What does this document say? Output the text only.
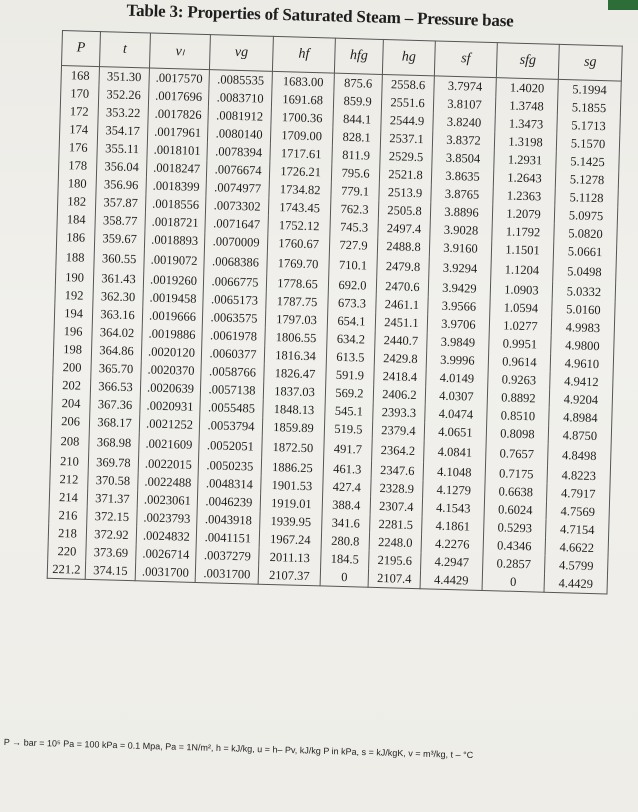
Table 3: Properties of Saturated Steam – Pressure base
P	t	vₗ	vg	hf	hfg	hg	sf	sfg	sg
168	351.30	.0017570	.0085535	1683.00	875.6	2558.6	3.7974	1.4020	5.1994
170	352.26	.0017696	.0083710	1691.68	859.9	2551.6	3.8107	1.3748	5.1855
172	353.22	.0017826	.0081912	1700.36	844.1	2544.9	3.8240	1.3473	5.1713
174	354.17	.0017961	.0080140	1709.00	828.1	2537.1	3.8372	1.3198	5.1570
176	355.11	.0018101	.0078394	1717.61	811.9	2529.5	3.8504	1.2931	5.1425
178	356.04	.0018247	.0076674	1726.21	795.6	2521.8	3.8635	1.2643	5.1278
180	356.96	.0018399	.0074977	1734.82	779.1	2513.9	3.8765	1.2363	5.1128
182	357.87	.0018556	.0073302	1743.45	762.3	2505.8	3.8896	1.2079	5.0975
184	358.77	.0018721	.0071647	1752.12	745.3	2497.4	3.9028	1.1792	5.0820
186	359.67	.0018893	.0070009	1760.67	727.9	2488.8	3.9160	1.1501	5.0661
188	360.55	.0019072	.0068386	1769.70	710.1	2479.8	3.9294	1.1204	5.0498
190	361.43	.0019260	.0066775	1778.65	692.0	2470.6	3.9429	1.0903	5.0332
192	362.30	.0019458	.0065173	1787.75	673.3	2461.1	3.9566	1.0594	5.0160
194	363.16	.0019666	.0063575	1797.03	654.1	2451.1	3.9706	1.0277	4.9983
196	364.02	.0019886	.0061978	1806.55	634.2	2440.7	3.9849	0.9951	4.9800
198	364.86	.0020120	.0060377	1816.34	613.5	2429.8	3.9996	0.9614	4.9610
200	365.70	.0020370	.0058766	1826.47	591.9	2418.4	4.0149	0.9263	4.9412
202	366.53	.0020639	.0057138	1837.03	569.2	2406.2	4.0307	0.8892	4.9204
204	367.36	.0020931	.0055485	1848.13	545.1	2393.3	4.0474	0.8510	4.8984
206	368.17	.0021252	.0053794	1859.89	519.5	2379.4	4.0651	0.8098	4.8750
208	368.98	.0021609	.0052051	1872.50	491.7	2364.2	4.0841	0.7657	4.8498
210	369.78	.0022015	.0050235	1886.25	461.3	2347.6	4.1048	0.7175	4.8223
212	370.58	.0022488	.0048314	1901.53	427.4	2328.9	4.1279	0.6638	4.7917
214	371.37	.0023061	.0046239	1919.01	388.4	2307.4	4.1543	0.6024	4.7569
216	372.15	.0023793	.0043918	1939.95	341.6	2281.5	4.1861	0.5293	4.7154
218	372.92	.0024832	.0041151	1967.24	280.8	2248.0	4.2276	0.4346	4.6622
220	373.69	.0026714	.0037279	2011.13	184.5	2195.6	4.2947	0.2857	4.5799
221.2	374.15	.0031700	.0031700	2107.37	0	2107.4	4.4429	0	4.4429
P → bar = 10⁵ Pa = 100 kPa = 0.1 Mpa, Pa = 1N/m², h = kJ/kg, u = h– Pv, kJ/kg P in kPa, s = kJ/kgK, v = m³/kg, t – °C
